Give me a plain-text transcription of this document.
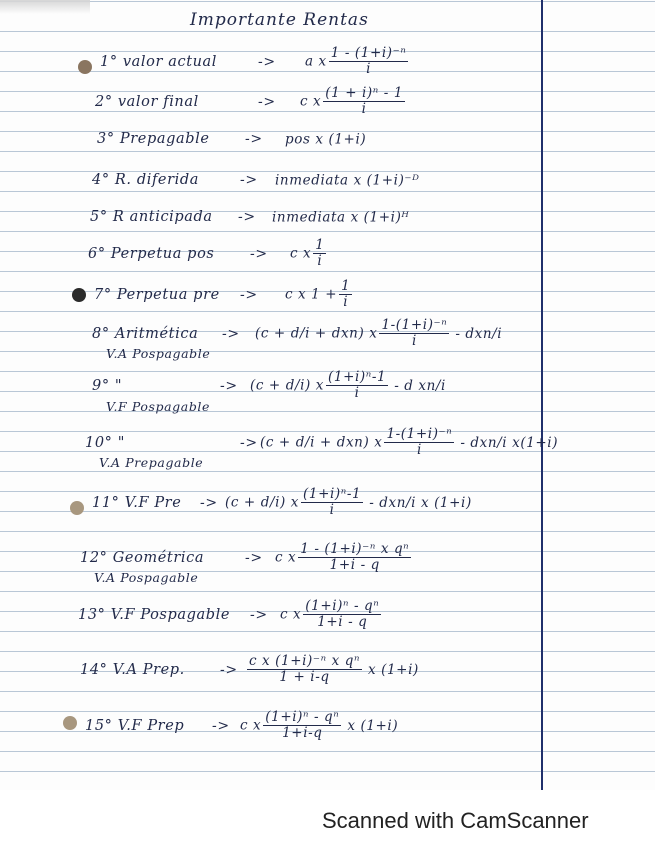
Importante Rentas
1° valor actual	-> a x $\frac{\text{1 - (1+i)⁻ⁿ}}{i}$
2° valor final	-> c x $\frac{\text{(1 + i)ⁿ - 1}}{i}$
3° Prepagable	-> pos x (1+i)
4° R. diferida	-> inmediata x (1+i)⁻ᴰ
5° R anticipada -> inmediata x (1+i)ᴴ
6° Perpetua pos	-> c x $\frac{1}{i}$
7° Perpetua pre -> c x $1 + \frac{1}{i}$
8° Aritmética
V.A Pospagable
-> (c + d/i + dxn) x $\frac{\text{1-(1+i)⁻ⁿ}}{i} - dxn/i$
9° "
V.F Pospagable
-> (c + d/i) x $\frac{\text{(1+i)ⁿ-1}}{i}$ - d xn/i
10° "
V.A Prepagable
-> (c + d/i + dxn) x $\frac{\text{1-(1+i)⁻ⁿ}}{i} - dxn/i$ x(1+i)
11° V.F Pre -> (c + d/i) x $\frac{\text{(1+i)ⁿ-1}}{i} - dxn/i$ x (1+i)
12° Geométrica
V.A Pospagable
-> c x $\frac{\text{1 - (1+i)⁻ⁿ x qⁿ}}{1+i - q}$
13° V.F Pospagable -> c x $\frac{\text{(1+i)ⁿ - qⁿ}}{1+i - q}$
14° V.A Prep.	-> $\frac{\text{c x (1+i)⁻ⁿ x qⁿ}}{1 + i-q}$ x (1+i)
15° V.F Prep -> c x $\frac{\text{(1+i)ⁿ - qⁿ}}{1+i-q}$ x (1+i)
Scanned with CamScanner
